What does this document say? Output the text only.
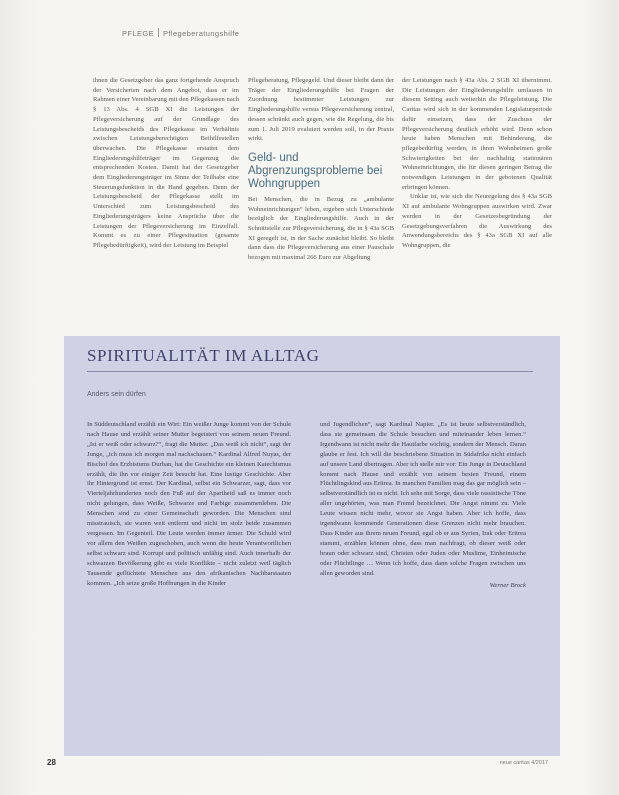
PFLEGE Pflegeberatungshilfe

ihnen die Gesetzgeber das ganz fortgehende Anspruch der Versicherten nach dem Angebot, dass er im Rahmen einer Vereinbarung mit den Pflegekassen nach § 13 Abs. 4 SGB XI die Leistungen der Pflegeversicherung auf der Grundlage des Leistungsbescheids des Pflegekasse im Verhältnis zwischen Leistungsberechtigten Beihilfestellen überwachen. Die Pflegekasse erstattet dem Eingliederungshilfeträger im Gegenzug die entsprechenden Kosten. Damit hat der Gesetzgeber dem Eingliederungsträger im Sinne der Teilhabe eine Steuerungsfunktion in die Hand gegeben. Denn der Leistungsbescheid der Pflegekasse stellt im Unterschied zum Leistungsbescheid des Eingliederungsträgers keine Ansprüche über die Leistungen der Pflegeversicherung im Einzelfall. Kommt es zu einer Pflegesituation (gesamte Pflegebedürftigkeit), wird der Leistung im Beispiel

Pflegeberatung, Pflegegeld. Und dieser bleibt dann der Träger der Eingliederungshilfe bei Fragen der Zuordnung bestimmter Leistungen zur Eingliederungshilfe versus Pflegeversicherung zentral, dessen schränkt auch gegen, wie die Regelung, die bis zum 1. Juli 2019 evaluiert werden soll, in der Praxis wirkt.

Geld- und Abgrenzungsprobleme bei Wohngruppen

Bei Menschen, die in Bezug zu „ambulante Wohneinrichtungen“ leben, ergeben sich Unterschiede bezüglich der Eingliederungshilfe. Auch in der Schnittstelle zur Pflegeversicherung, die in § 43a SGB XI geregelt ist, in der Sache zunächst bleibt. So bleibt dann dass die Pflegeversicherung aus einer Pauschale bezogen mit maximal 266 Euro zur Abgeltung

der Leistungen nach § 43a Abs. 2 SGB XI übernimmt. Die Leistungen der Eingliederungshilfe umfassen in diesem Setting auch weiterhin die Pflegeleistung. Die Caritas wird sich in der kommenden Legislaturperiode dafür einsetzen, dass der Zuschuss der Pflegeversicherung deutlich erhöht wird. Denn schon heute haben Menschen mit Behinderung, die pflegebedürftig werden, in ihren Wohnheimen große Schwierigkeiten bei der nachhaltig stationären Wohneinrichtungen, die für diesen geringen Betrag die notwendigen Leistungen in der gebotenen Qualität erbringen können.

Unklar ist, wie sich die Neuregelung des § 43a SGB XI auf ambulante Wohngruppen auswirken wird. Zwar werden in der Gesetzesbegründung der Gesetzgebungsverfahren die Auswirkung des Anwendungsbereichs des § 43a SGB XI auf alle Wohngruppen, die

SPIRITUALITÄT IM ALLTAG
Anders sein dürfen

In Süddeutschland erzählt ein Wirt: Ein weißer Junge kommt von der Schule nach Hause und erzählt seiner Mutter begeistert von seinem neuen Freund. „Ist er weiß oder schwarz?“, fragt die Mutter. „Das weiß ich nicht“, sagt der Junge, „ich muss ich morgen mal nachschauen.“ Kardinal Alfred Nuyas, der Bischof des Erzbistums Durban, hat die Geschichte ein kleinen Katechismus erzählt, die ihn vor einiger Zeit besucht hat. Eine lustige Geschichte. Aber ihr Hintergrund ist ernst. Der Kardinal, selbst ein Schwarzer, sagt, dass vor Vierteljahrhunderten noch den Fuß auf der Apartheid saß es immer noch nicht gelungen, dass Weiße, Schwarze und Farbige zusammenleben. Die Menschen sind zu einer Gemeinschaft geworden. Die Menschen sind misstrauisch, sie waren weit entfernt und nicht im stolz beide zusammen vergessen. Im Gegenteil. Die Leute werden immer ärmer. Die Schuld wird vor allem den Weißen zugeschoben, auch wenn die heute Verantwortlichen selbst schwarz sind. Korrupt und politisch unfähig sind. Auch innerhalb der schwarzen Bevölkerung gibt es viele Konflikte – nicht zuletzt weil täglich Tausende geflüchtete Menschen aus den afrikanischen Nachbarstaaten kommen. „Ich setze große Hoffnungen in die Kinder

und Jugendlichen“, sagt Kardinal Napier. „Es ist heute selbstverständlich, dass sie gemeinsam die Schule besuchen und miteinander leben lernen.“ Irgendwann ist nicht mehr die Hautfarbe wichtig, sondern der Mensch. Daran glaube er fest. Ich will die beschriebene Situation in Südafrika nicht einfach auf unsere Land übertragen. Aber ich stelle mir vor: Ein Junge in Deutschland kommt nach Hause und erzählt von seinem besten Freund, einem Flüchtlingskind aus Eritrea. In manchen Familien mag das gar möglich sein – selbstverständlich ist es nicht. Ich sehe mit Sorge, dass viele rassistische Töne aller ungehörten, was man Fremd bezeichnet. Die Angst nimmt zu. Viele Leute wissen nicht mehr, wovor sie Angst haben. Aber ich hoffe, dass irgendwann kommende Generationen diese Grenzen nicht mehr brauchen. Dass Kinder aus ihrem neuen Freund, egal ob er aus Syrien, Irak oder Eritrea stammt, erzählen können ohne, dass man nachfragt, ob dieser weiß oder braun oder schwarz sind, Christen oder Juden oder Muslime, Einheimische oder Flüchtlinge … Wenn ich hoffe, dass dann solche Fragen zwischen uns allen geworden sind.

Werner Brock
28	neue caritas 4/2017
